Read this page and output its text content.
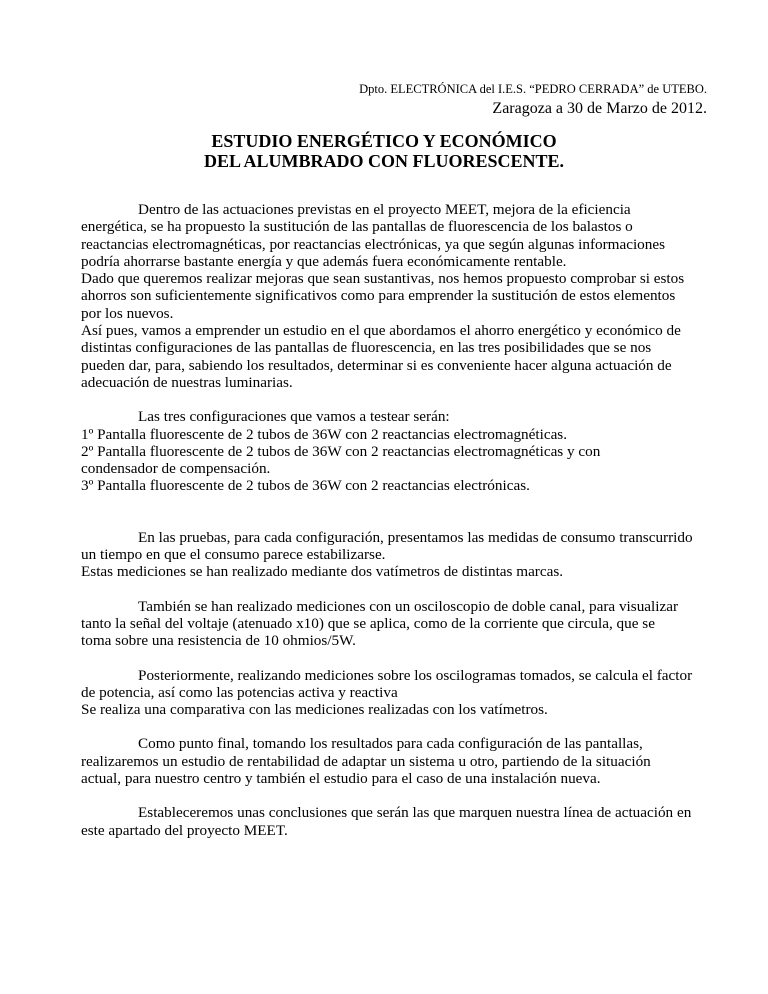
Dpto. ELECTRÓNICA del I.E.S. “PEDRO CERRADA” de UTEBO.
Zaragoza a 30 de Marzo de 2012.
ESTUDIO ENERGÉTICO Y ECONÓMICO
DEL ALUMBRADO CON FLUORESCENTE.

Dentro de las actuaciones previstas en el proyecto MEET, mejora de la eficiencia

energética, se ha propuesto la sustitución de las pantallas de fluorescencia de los balastos o

reactancias electromagnéticas, por reactancias electrónicas, ya que según algunas informaciones

podría ahorrarse bastante energía y que además fuera económicamente rentable.

Dado que queremos realizar mejoras que sean sustantivas, nos hemos propuesto comprobar si estos

ahorros son suficientemente significativos como para emprender la sustitución de estos elementos

por los nuevos.

Así pues, vamos a emprender un estudio en el que abordamos el ahorro energético y económico de

distintas configuraciones de las pantallas de fluorescencia, en las tres posibilidades que se nos

pueden dar, para, sabiendo los resultados, determinar si es conveniente hacer alguna actuación de

adecuación de nuestras luminarias.

Las tres configuraciones que vamos a testear serán:

1º Pantalla fluorescente de 2 tubos de 36W con 2 reactancias electromagnéticas.

2º Pantalla fluorescente de 2 tubos de 36W con 2 reactancias electromagnéticas y con

condensador de compensación.

3º Pantalla fluorescente de 2 tubos de 36W con 2 reactancias electrónicas.

En las pruebas, para cada configuración, presentamos las medidas de consumo transcurrido

un tiempo en que el consumo parece estabilizarse.

Estas mediciones se han realizado mediante dos vatímetros de distintas marcas.

También se han realizado mediciones con un osciloscopio de doble canal, para visualizar

tanto la señal del voltaje (atenuado x10) que se aplica, como de la corriente que circula, que se

toma sobre una resistencia de 10 ohmios/5W.

Posteriormente, realizando mediciones sobre los oscilogramas tomados, se calcula el factor

de potencia, así como las potencias activa y reactiva

Se realiza una comparativa con las mediciones realizadas con los vatímetros.

Como punto final, tomando los resultados para cada configuración de las pantallas,

realizaremos un estudio de rentabilidad de adaptar un sistema u otro, partiendo de la situación

actual, para nuestro centro y también el estudio para el caso de una instalación nueva.

Estableceremos unas conclusiones que serán las que marquen nuestra línea de actuación en

este apartado del proyecto MEET.
